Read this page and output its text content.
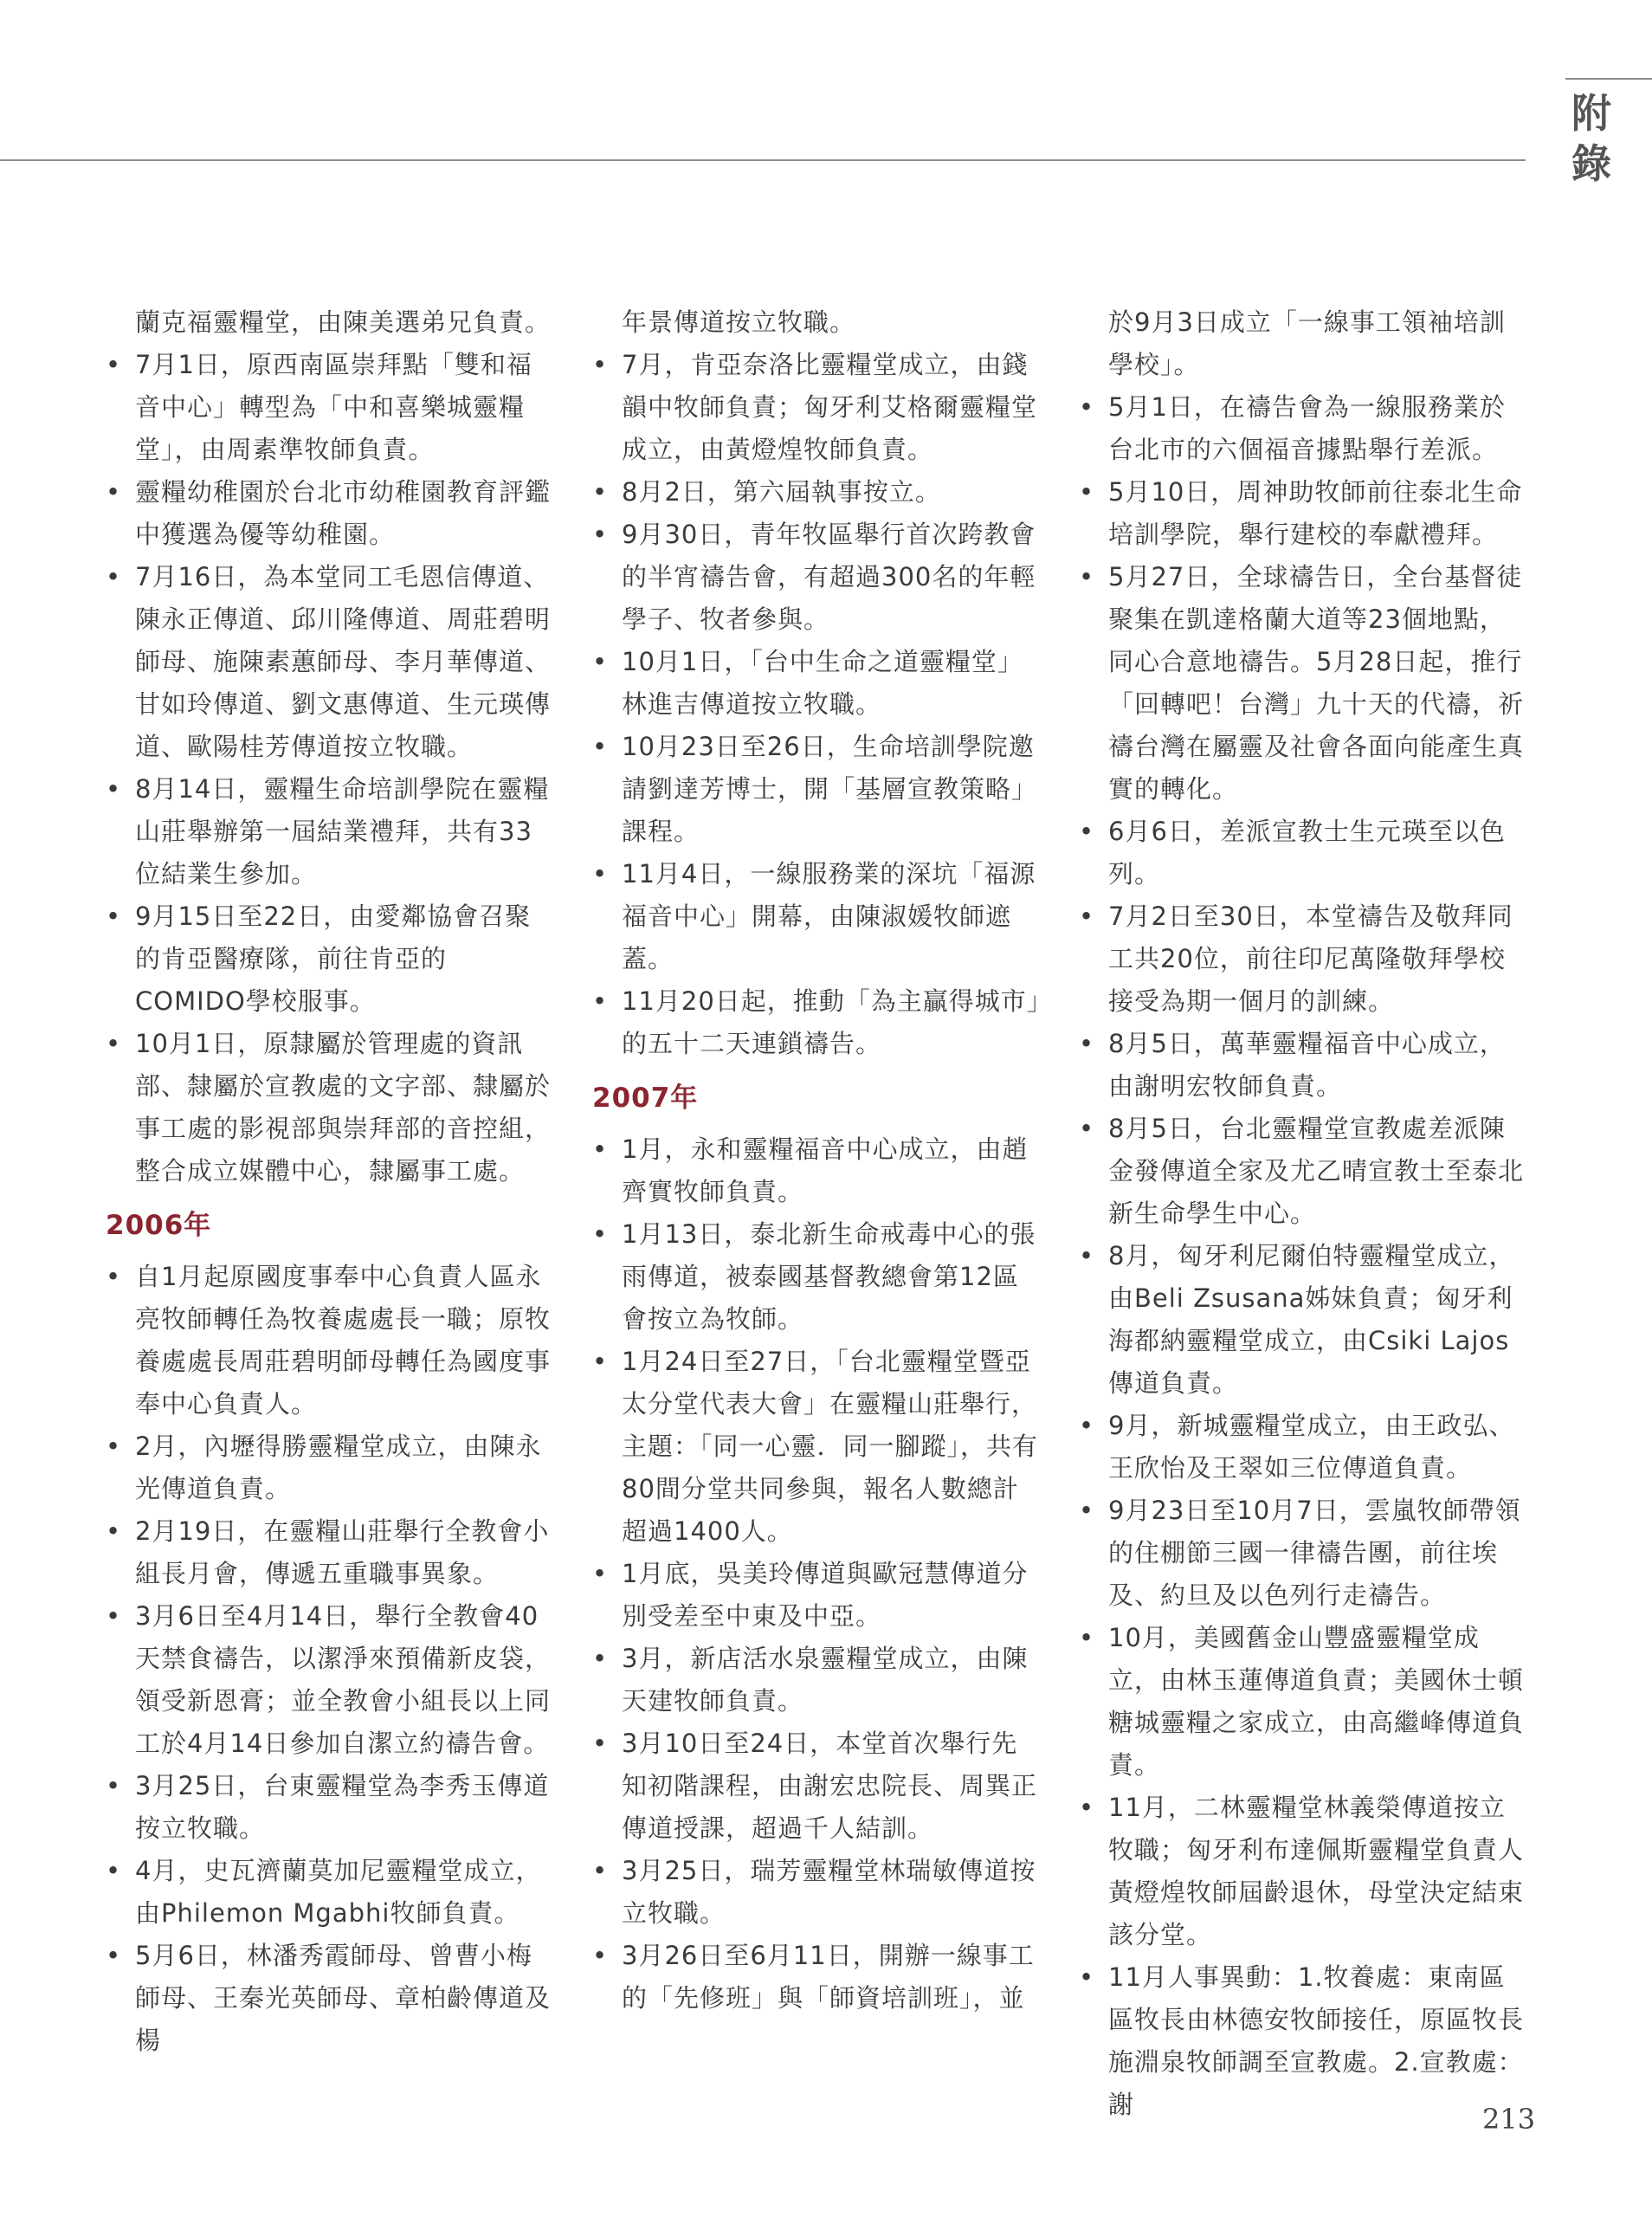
附錄

蘭克福靈糧堂，由陳美選弟兄負責。

• 7月1日，原西南區崇拜點「雙和福音中心」轉型為「中和喜樂城靈糧堂」，由周素準牧師負責。

• 靈糧幼稚園於台北市幼稚園教育評鑑中獲選為優等幼稚園。

• 7月16日，為本堂同工毛恩信傳道、陳永正傳道、邱川隆傳道、周莊碧明師母、施陳素蕙師母、李月華傳道、甘如玲傳道、劉文惠傳道、生元瑛傳道、歐陽桂芳傳道按立牧職。

• 8月14日，靈糧生命培訓學院在靈糧山莊舉辦第一屆結業禮拜，共有33位結業生參加。

• 9月15日至22日，由愛鄰協會召聚的肯亞醫療隊，前往肯亞的COMIDO學校服事。

• 10月1日，原隸屬於管理處的資訊部、隸屬於宣教處的文字部、隸屬於事工處的影視部與崇拜部的音控組，整合成立媒體中心，隸屬事工處。

2006年

• 自1月起原國度事奉中心負責人區永亮牧師轉任為牧養處處長一職；原牧養處處長周莊碧明師母轉任為國度事奉中心負責人。

• 2月，內壢得勝靈糧堂成立，由陳永光傳道負責。

• 2月19日，在靈糧山莊舉行全教會小組長月會，傳遞五重職事異象。

• 3月6日至4月14日，舉行全教會40天禁食禱告，以潔淨來預備新皮袋，領受新恩膏；並全教會小組長以上同工於4月14日參加自潔立約禱告會。

• 3月25日，台東靈糧堂為李秀玉傳道按立牧職。

• 4月，史瓦濟蘭莫加尼靈糧堂成立，由Philemon Mgabhi牧師負責。

• 5月6日，林潘秀霞師母、曾曹小梅師母、王秦光英師母、章柏齡傳道及楊

年景傳道按立牧職。

• 7月，肯亞奈洛比靈糧堂成立，由錢韻中牧師負責；匈牙利艾格爾靈糧堂成立，由黃燈煌牧師負責。

• 8月2日，第六屆執事按立。

• 9月30日，青年牧區舉行首次跨教會的半宵禱告會，有超過300名的年輕學子、牧者參與。

• 10月1日，「台中生命之道靈糧堂」林進吉傳道按立牧職。

• 10月23日至26日，生命培訓學院邀請劉達芳博士，開「基層宣教策略」課程。

• 11月4日，一線服務業的深坑「福源福音中心」開幕，由陳淑媛牧師遮蓋。

• 11月20日起，推動「為主贏得城市」的五十二天連鎖禱告。

2007年

• 1月，永和靈糧福音中心成立，由趙齊實牧師負責。

• 1月13日，泰北新生命戒毒中心的張雨傳道，被泰國基督教總會第12區會按立為牧師。

• 1月24日至27日，「台北靈糧堂暨亞太分堂代表大會」在靈糧山莊舉行，主題：「同一心靈．同一腳蹤」，共有80間分堂共同參與，報名人數總計超過1400人。

• 1月底，吳美玲傳道與歐冠慧傳道分別受差至中東及中亞。

• 3月，新店活水泉靈糧堂成立，由陳天建牧師負責。

• 3月10日至24日，本堂首次舉行先知初階課程，由謝宏忠院長、周巽正傳道授課，超過千人結訓。

• 3月25日，瑞芳靈糧堂林瑞敏傳道按立牧職。

• 3月26日至6月11日，開辦一線事工的「先修班」與「師資培訓班」，並

於9月3日成立「一線事工領袖培訓學校」。

• 5月1日，在禱告會為一線服務業於台北市的六個福音據點舉行差派。

• 5月10日，周神助牧師前往泰北生命培訓學院，舉行建校的奉獻禮拜。

• 5月27日，全球禱告日，全台基督徒聚集在凱達格蘭大道等23個地點，同心合意地禱告。5月28日起，推行「回轉吧！台灣」九十天的代禱，祈禱台灣在屬靈及社會各面向能產生真實的轉化。

• 6月6日，差派宣教士生元瑛至以色列。

• 7月2日至30日，本堂禱告及敬拜同工共20位，前往印尼萬隆敬拜學校接受為期一個月的訓練。

• 8月5日，萬華靈糧福音中心成立，由謝明宏牧師負責。

• 8月5日，台北靈糧堂宣教處差派陳金發傳道全家及尤乙晴宣教士至泰北新生命學生中心。

• 8月，匈牙利尼爾伯特靈糧堂成立，由Beli Zsusana姊妹負責；匈牙利海都納靈糧堂成立，由Csiki Lajos 傳道負責。

• 9月，新城靈糧堂成立，由王政弘、王欣怡及王翠如三位傳道負責。

• 9月23日至10月7日，雲嵐牧師帶領的住棚節三國一律禱告團，前往埃及、約旦及以色列行走禱告。

• 10月，美國舊金山豐盛靈糧堂成立，由林玉蓮傳道負責；美國休士頓糖城靈糧之家成立，由高繼峰傳道負責。

• 11月，二林靈糧堂林義榮傳道按立牧職；匈牙利布達佩斯靈糧堂負責人黃燈煌牧師屆齡退休，母堂決定結束該分堂。

• 11月人事異動：1.牧養處：東南區區牧長由林德安牧師接任，原區牧長施淵泉牧師調至宣教處。2.宣教處：謝	213
